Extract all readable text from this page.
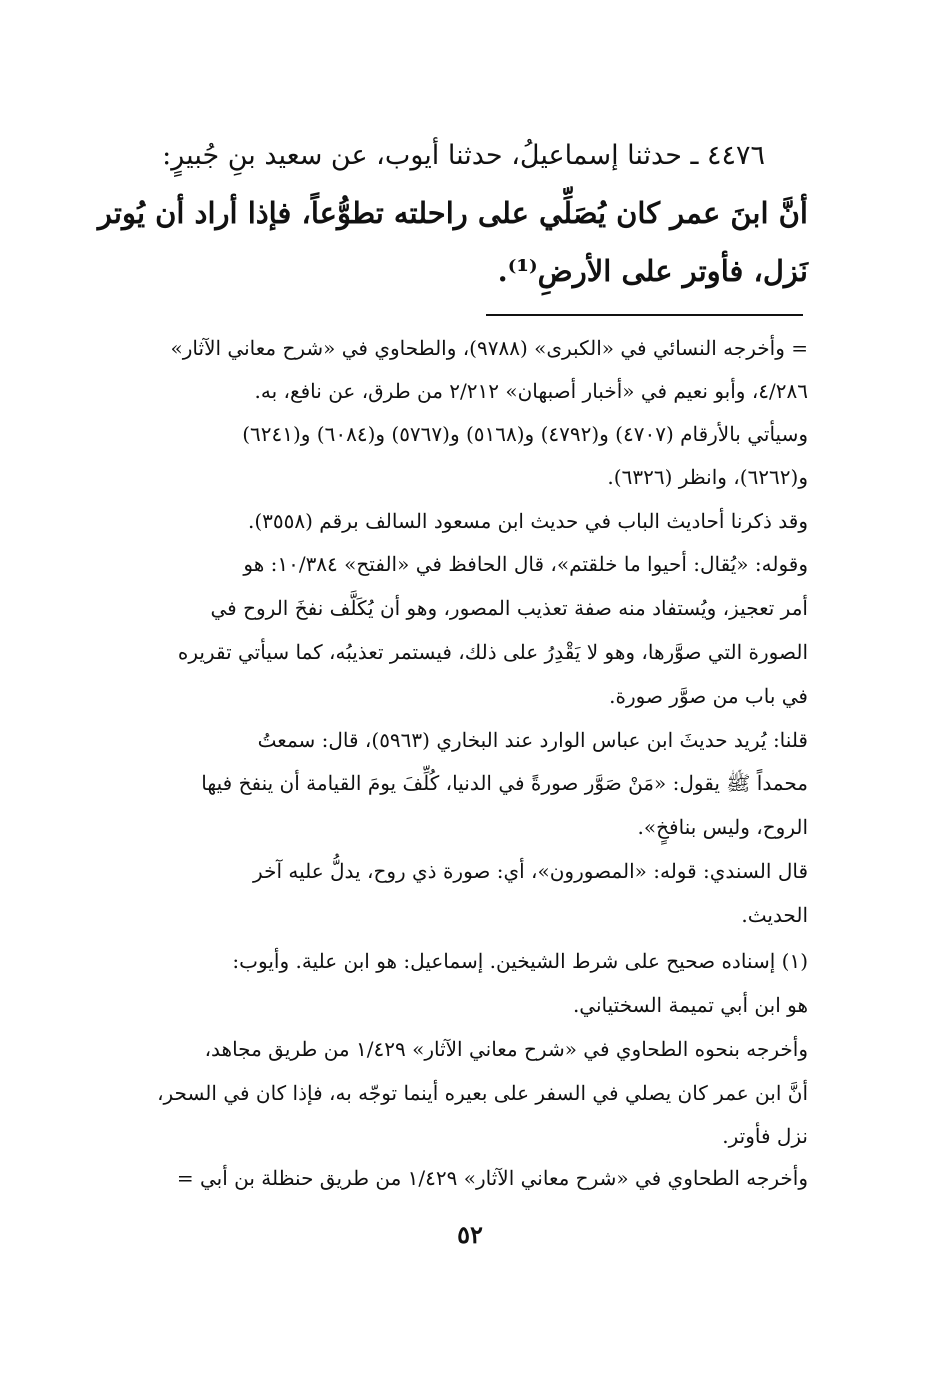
٤٤٧٦ ـ حدثنا إسماعيلُ، حدثنا أيوب، عن سعيد بنِ جُبيرٍ:

أنَّ ابنَ عمر كان يُصَلِّي على راحلته تطوُّعاً، فإذا أراد أن يُوتر

نَزل، فأوتر على الأرضِ⁽¹⁾.

= وأخرجه النسائي في «الكبرى» (٩٧٨٨)، والطحاوي في «شرح معاني الآثار»

٤/٢٨٦، وأبو نعيم في «أخبار أصبهان» ٢/٢١٢ من طرق، عن نافع، به.

وسيأتي بالأرقام (٤٧٠٧) و(٤٧٩٢) و(٥١٦٨) و(٥٧٦٧) و(٦٠٨٤) و(٦٢٤١)

و(٦٢٦٢)، وانظر (٦٣٢٦).

وقد ذكرنا أحاديث الباب في حديث ابن مسعود السالف برقم (٣٥٥٨).

وقوله: «يُقال: أحيوا ما خلقتم»، قال الحافظ في «الفتح» ١٠/٣٨٤: هو

أمر تعجيز، ويُستفاد منه صفة تعذيب المصور، وهو أن يُكَلَّف نفخَ الروح في

الصورة التي صوَّرها، وهو لا يَقْدِرُ على ذلك، فيستمر تعذيبُه، كما سيأتي تقريره

في باب من صوَّر صورة.

قلنا: يُريد حديثَ ابن عباس الوارد عند البخاري (٥٩٦٣)، قال: سمعتُ

محمداً ﷺ يقول: «مَنْ صَوَّر صورةً في الدنيا، كُلِّفَ يومَ القيامة أن ينفخ فيها

الروح، وليس بنافخٍ».

قال السندي: قوله: «المصورون»، أي: صورة ذي روح، يدلُّ عليه آخر

الحديث.

(١) إسناده صحيح على شرط الشيخين. إسماعيل: هو ابن علية. وأيوب:

هو ابن أبي تميمة السختياني.

وأخرجه بنحوه الطحاوي في «شرح معاني الآثار» ١/٤٢٩ من طريق مجاهد،

أنَّ ابن عمر كان يصلي في السفر على بعيره أينما توجّه به، فإذا كان في السحر،

نزل فأوتر.

وأخرجه الطحاوي في «شرح معاني الآثار» ١/٤٢٩ من طريق حنظلة بن أبي =

٥٢
